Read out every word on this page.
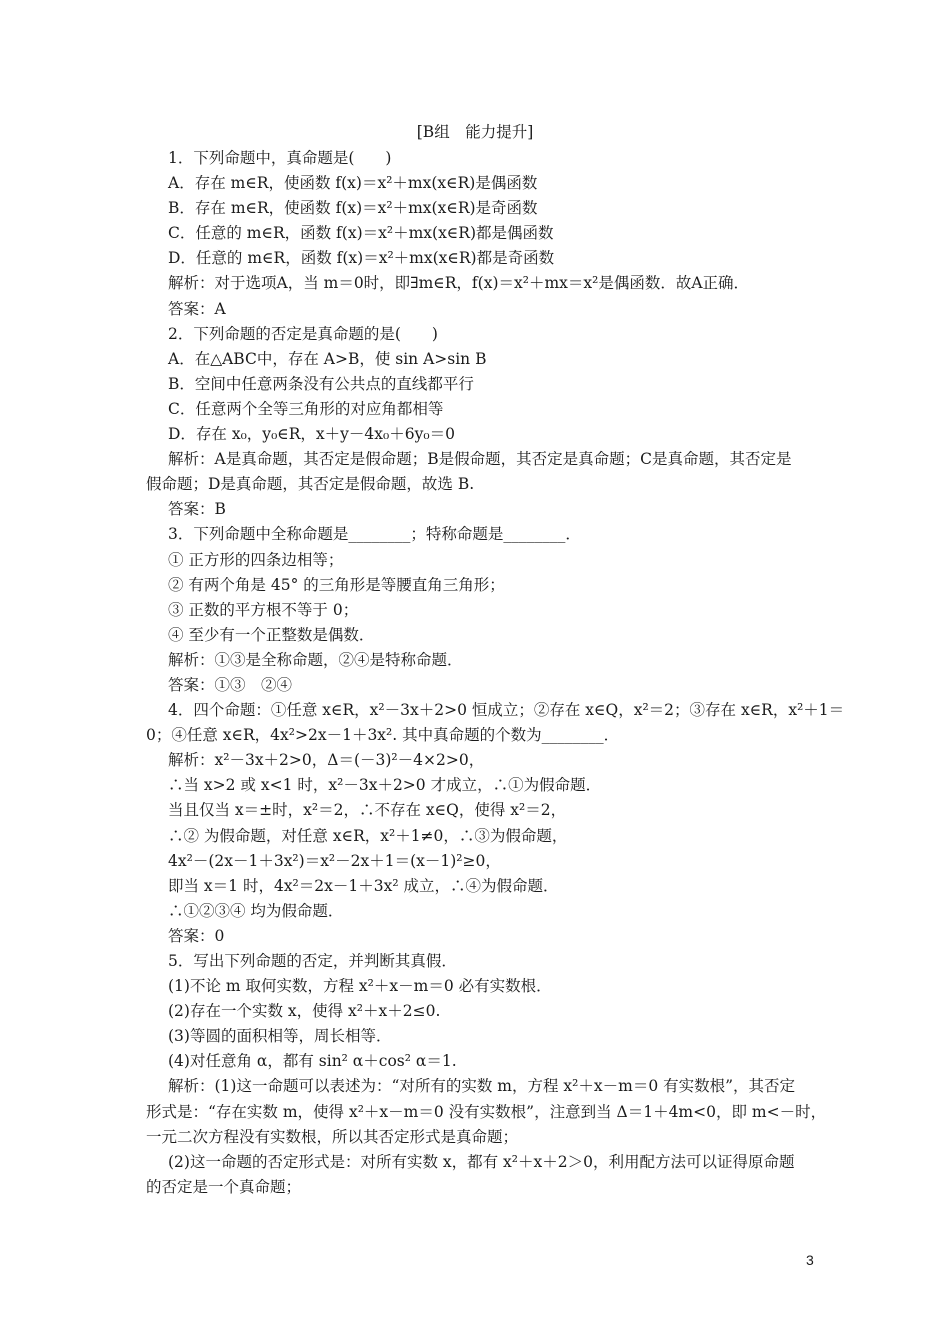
[B组　能力提升]
1．下列命题中，真命题是(　　)
A．存在 m∈R，使函数 f(x)＝x²＋mx(x∈R)是偶函数
B．存在 m∈R，使函数 f(x)＝x²＋mx(x∈R)是奇函数
C．任意的 m∈R，函数 f(x)＝x²＋mx(x∈R)都是偶函数
D．任意的 m∈R，函数 f(x)＝x²＋mx(x∈R)都是奇函数
解析：对于选项A，当 m＝0时，即∃m∈R，f(x)＝x²＋mx＝x²是偶函数．故A正确．
答案：A
2．下列命题的否定是真命题的是(　　)
A．在△ABC中，存在 A>B，使 sin A>sin B
B．空间中任意两条没有公共点的直线都平行
C．任意两个全等三角形的对应角都相等
D．存在 x₀，y₀∈R，x＋y－4x₀＋6y₀＝0
解析：A是真命题，其否定是假命题；B是假命题，其否定是真命题；C是真命题，其否定是
假命题；D是真命题，其否定是假命题，故选 B.
答案：B
3．下列命题中全称命题是________；特称命题是________．
① 正方形的四条边相等；
② 有两个角是 45° 的三角形是等腰直角三角形；
③ 正数的平方根不等于 0；
④ 至少有一个正整数是偶数．
解析：①③是全称命题，②④是特称命题．
答案：①③　②④
4．四个命题：①任意 x∈R，x²－3x＋2>0 恒成立；②存在 x∈Q，x²＝2；③存在 x∈R，x²＋1＝
0；④任意 x∈R，4x²>2x－1＋3x². 其中真命题的个数为________．
解析：x²－3x＋2>0，Δ＝(－3)²－4×2>0，
∴当 x>2 或 x<1 时，x²－3x＋2>0 才成立，∴①为假命题．
当且仅当 x＝±时，x²＝2，∴不存在 x∈Q，使得 x²＝2，
∴② 为假命题，对任意 x∈R，x²＋1≠0，∴③为假命题，
4x²－(2x－1＋3x²)＝x²－2x＋1＝(x－1)²≥0，
即当 x＝1 时，4x²＝2x－1＋3x² 成立，∴④为假命题．
∴①②③④ 均为假命题．
答案：0
5．写出下列命题的否定，并判断其真假．
(1)不论 m 取何实数，方程 x²＋x－m＝0 必有实数根．
(2)存在一个实数 x，使得 x²＋x＋2≤0.
(3)等圆的面积相等，周长相等．
(4)对任意角 α，都有 sin² α＋cos² α＝1.
解析：(1)这一命题可以表述为：“对所有的实数 m，方程 x²＋x－m＝0 有实数根”，其否定
形式是：“存在实数 m，使得 x²＋x－m＝0 没有实数根”，注意到当 Δ＝1＋4m<0，即 m<－时，
一元二次方程没有实数根，所以其否定形式是真命题；
(2)这一命题的否定形式是：对所有实数 x，都有 x²＋x＋2＞0，利用配方法可以证得原命题
的否定是一个真命题；
3
